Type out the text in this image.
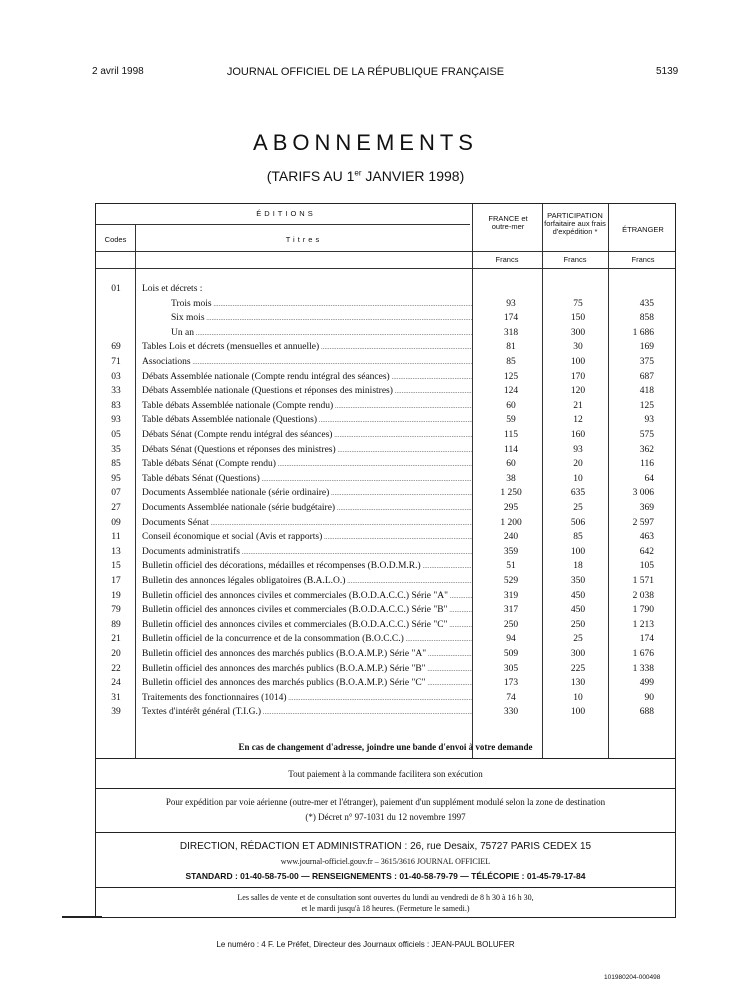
2 avril 1998	JOURNAL OFFICIEL DE LA RÉPUBLIQUE FRANÇAISE	5139
ABONNEMENTS
(TARIFS AU 1er JANVIER 1998)
ÉDITIONS
Codes	Titres
FRANCE et outre-mer
PARTICIPATION forfaitaire aux frais d'expédition *	ÉTRANGER
Francs	Francs	Francs
01	Lois et décrets :
Trois mois .....	93	75	435
Six mois .....	174	150	858
Un an .....	318	300	1 686
69	Tables Lois et décrets (mensuelles et annuelle) .....	81	30	169
71	Associations .....	85	100	375
03	Débats Assemblée nationale (Compte rendu intégral des séances) .....	125	170	687
33	Débats Assemblée nationale (Questions et réponses des ministres) .....	124	120	418
83	Table débats Assemblée nationale (Compte rendu) .....	60	21	125
93	Table débats Assemblée nationale (Questions) .....	59	12	93
05	Débats Sénat (Compte rendu intégral des séances) .....	115	160	575
35	Débats Sénat (Questions et réponses des ministres) .....	114	93	362
85	Table débats Sénat (Compte rendu) .....	60	20	116
95	Table débats Sénat (Questions) .....	38	10	64
07	Documents Assemblée nationale (série ordinaire) .....	1 250	635	3 006
27	Documents Assemblée nationale (série budgétaire) .....	295	25	369
09	Documents Sénat .....	1 200	506	2 597
11	Conseil économique et social (Avis et rapports) .....	240	85	463
13	Documents administratifs .....	359	100	642
15	Bulletin officiel des décorations, médailles et récompenses (B.O.D.M.R.) .....	51	18	105
17	Bulletin des annonces légales obligatoires (B.A.L.O.) .....	529	350	1 571
19	Bulletin officiel des annonces civiles et commerciales (B.O.D.A.C.C.) Série "A" .....	319	450	2 038
79	Bulletin officiel des annonces civiles et commerciales (B.O.D.A.C.C.) Série "B" .....	317	450	1 790
89	Bulletin officiel des annonces civiles et commerciales (B.O.D.A.C.C.) Série "C" .....	250	250	1 213
21	Bulletin officiel de la concurrence et de la consommation (B.O.C.C.) .....	94	25	174
20	Bulletin officiel des annonces des marchés publics (B.O.A.M.P.) Série "A" .....	509	300	1 676
22	Bulletin officiel des annonces des marchés publics (B.O.A.M.P.) Série "B" .....	305	225	1 338
24	Bulletin officiel des annonces des marchés publics (B.O.A.M.P.) Série "C" .....	173	130	499
31	Traitements des fonctionnaires (1014) .....	74	10	90
39	Textes d'intérêt général (T.I.G.) .....	330	100	688
En cas de changement d'adresse, joindre une bande d'envoi à votre demande
Tout paiement à la commande facilitera son exécution
Pour expédition par voie aérienne (outre-mer et l'étranger), paiement d'un supplément modulé selon la zone de destination
(*) Décret n° 97-1031 du 12 novembre 1997
DIRECTION, RÉDACTION ET ADMINISTRATION : 26, rue Desaix, 75727 PARIS CEDEX 15
www.journal-officiel.gouv.fr – 3615/3616 JOURNAL OFFICIEL
STANDARD : 01-40-58-75-00 — RENSEIGNEMENTS : 01-40-58-79-79 — TÉLÉCOPIE : 01-45-79-17-84
Les salles de vente et de consultation sont ouvertes du lundi au vendredi de 8 h 30 à 16 h 30,
et le mardi jusqu'à 18 heures. (Fermeture le samedi.)
Le numéro : 4 F. Le Préfet, Directeur des Journaux officiels : JEAN-PAUL BOLUFER
101980204-000498
